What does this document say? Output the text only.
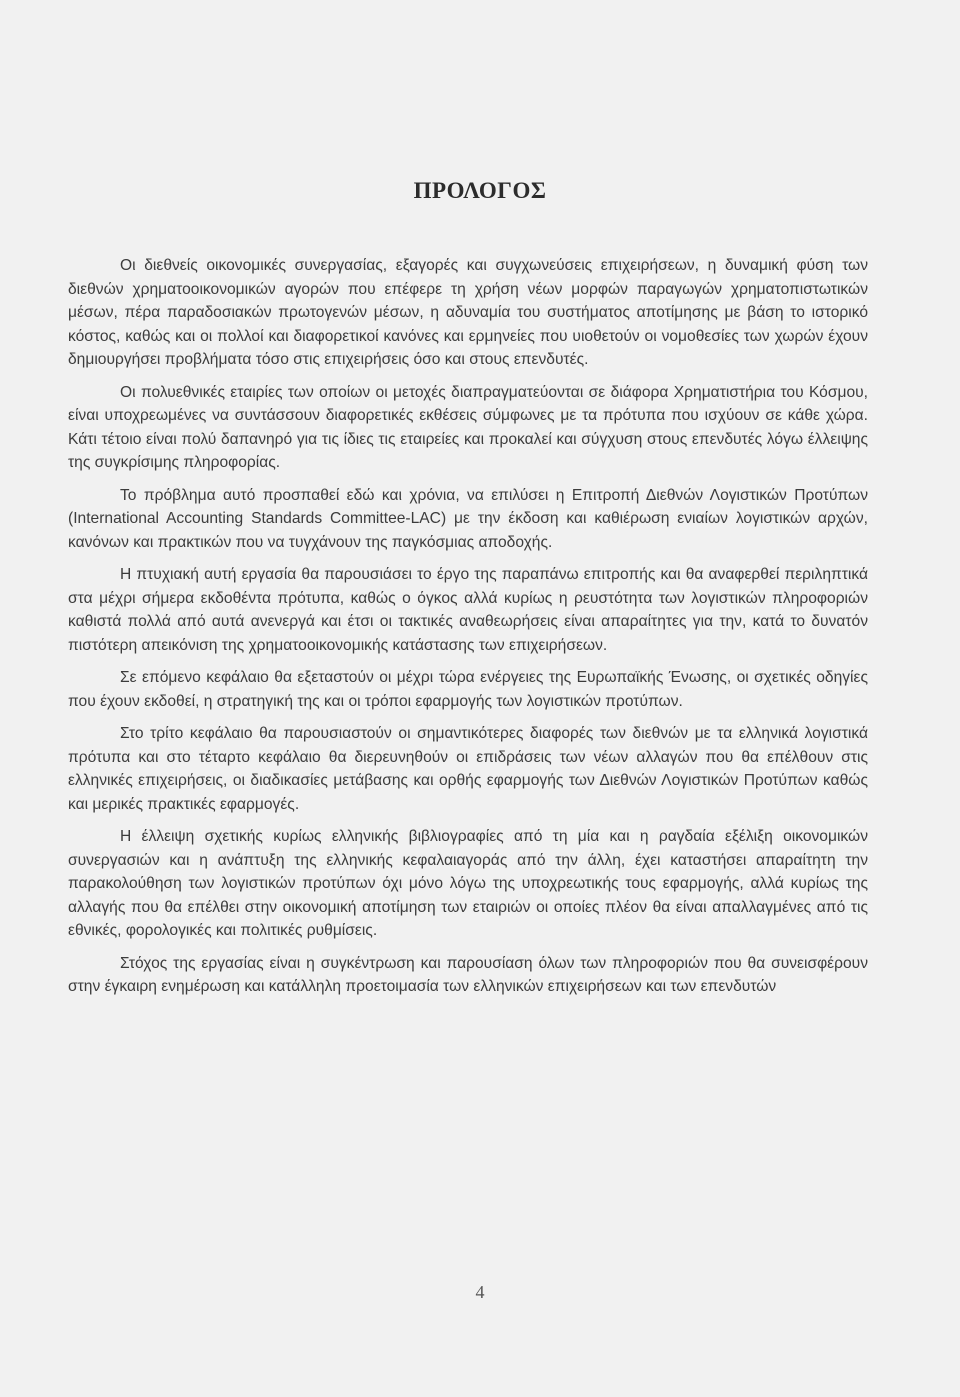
ΠΡΟΛΟΓΟΣ

Οι διεθνείς οικονομικές συνεργασίας, εξαγορές και συγχωνεύσεις επιχειρήσεων, η δυναμική φύση των διεθνών χρηματοοικονομικών αγορών που επέφερε τη χρήση νέων μορφών παραγωγών χρηματοπιστωτικών μέσων, πέρα παραδοσιακών πρωτογενών μέσων, η αδυναμία του συστήματος αποτίμησης με βάση το ιστορικό κόστος, καθώς και οι πολλοί και διαφορετικοί κανόνες και ερμηνείες που υιοθετούν οι νομοθεσίες των χωρών έχουν δημιουργήσει προβλήματα τόσο στις επιχειρήσεις όσο και στους επενδυτές.

Οι πολυεθνικές εταιρίες των οποίων οι μετοχές διαπραγματεύονται σε διάφορα Χρηματιστήρια του Κόσμου, είναι υποχρεωμένες να συντάσσουν διαφορετικές εκθέσεις σύμφωνες με τα πρότυπα που ισχύουν σε κάθε χώρα. Κάτι τέτοιο είναι πολύ δαπανηρό για τις ίδιες τις εταιρείες και προκαλεί και σύγχυση στους επενδυτές λόγω έλλειψης της συγκρίσιμης πληροφορίας.

Το πρόβλημα αυτό προσπαθεί εδώ και χρόνια, να επιλύσει η Επιτροπή Διεθνών Λογιστικών Προτύπων (International Accounting Standards Committee-LAC) με την έκδοση και καθιέρωση ενιαίων λογιστικών αρχών, κανόνων και πρακτικών που να τυγχάνουν της παγκόσμιας αποδοχής.

Η πτυχιακή αυτή εργασία θα παρουσιάσει το έργο της παραπάνω επιτροπής και θα αναφερθεί περιληπτικά στα μέχρι σήμερα εκδοθέντα πρότυπα, καθώς ο όγκος αλλά κυρίως η ρευστότητα των λογιστικών πληροφοριών καθιστά πολλά από αυτά ανενεργά και έτσι οι τακτικές αναθεωρήσεις είναι απαραίτητες για την, κατά το δυνατόν πιστότερη απεικόνιση της χρηματοοικονομικής κατάστασης των επιχειρήσεων.

Σε επόμενο κεφάλαιο θα εξεταστούν οι μέχρι τώρα ενέργειες της Ευρωπαϊκής Ένωσης, οι σχετικές οδηγίες που έχουν εκδοθεί, η στρατηγική της και οι τρόποι εφαρμογής των λογιστικών προτύπων.

Στο τρίτο κεφάλαιο θα παρουσιαστούν οι σημαντικότερες διαφορές των διεθνών με τα ελληνικά λογιστικά πρότυπα και στο τέταρτο κεφάλαιο θα διερευνηθούν οι επιδράσεις των νέων αλλαγών που θα επέλθουν στις ελληνικές επιχειρήσεις, οι διαδικασίες μετάβασης και ορθής εφαρμογής των Διεθνών Λογιστικών Προτύπων καθώς και μερικές πρακτικές εφαρμογές.

Η έλλειψη σχετικής κυρίως ελληνικής βιβλιογραφίες από τη μία και η ραγδαία εξέλιξη οικονομικών συνεργασιών και η ανάπτυξη της ελληνικής κεφαλαιαγοράς από την άλλη, έχει καταστήσει απαραίτητη την παρακολούθηση των λογιστικών προτύπων όχι μόνο λόγω της υποχρεωτικής τους εφαρμογής, αλλά κυρίως της αλλαγής που θα επέλθει στην οικονομική αποτίμηση των εταιριών οι οποίες πλέον θα είναι απαλλαγμένες από τις εθνικές, φορολογικές και πολιτικές ρυθμίσεις.

Στόχος της εργασίας είναι η συγκέντρωση και παρουσίαση όλων των πληροφοριών που θα συνεισφέρουν στην έγκαιρη ενημέρωση και κατάλληλη προετοιμασία των ελληνικών επιχειρήσεων και των επενδυτών

4
